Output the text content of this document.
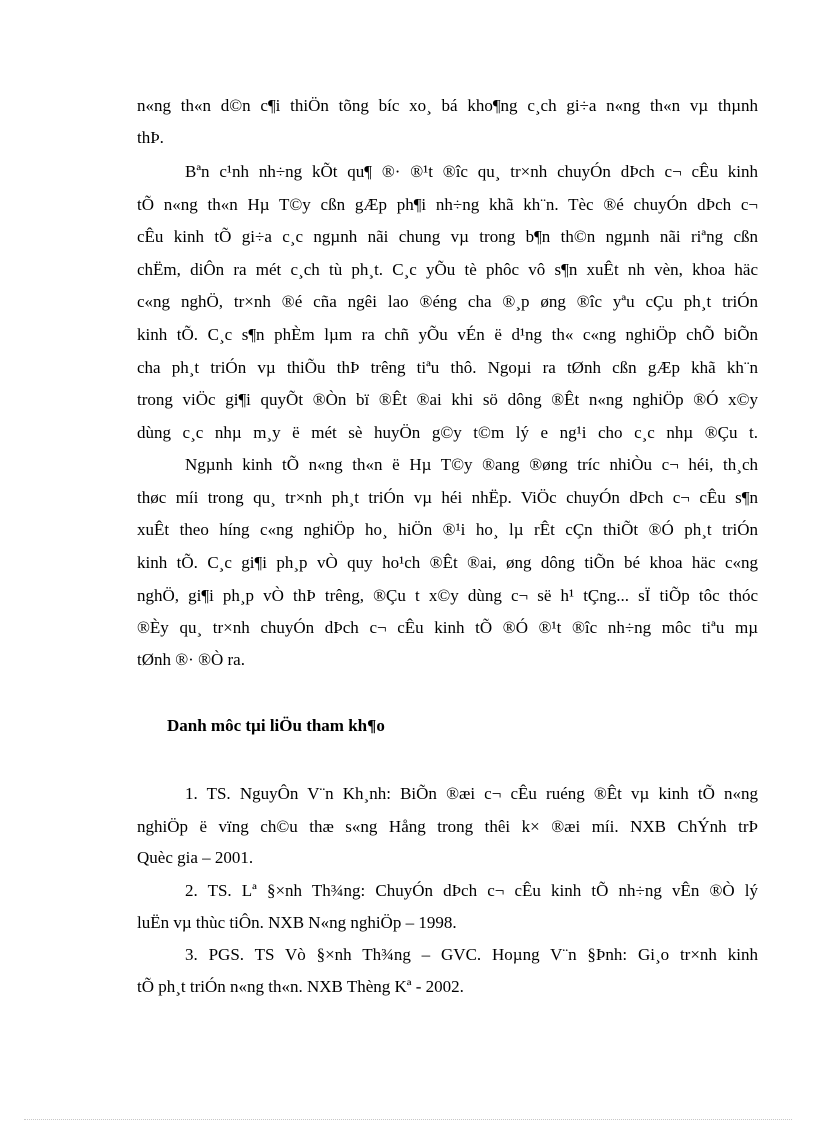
n«ng th«n d©n c¶i thiÖn tõng bíc xo¸ bá kho¶ng c¸ch gi÷a n«ng th«n vµ thµnh
thÞ.
Bªn c¹nh nh÷ng kÕt qu¶ ®· ®¹t ®îc qu¸ tr×nh chuyÓn dÞch c¬ cÊu kinh
tÕ n«ng th«n Hµ T©y cßn gÆp ph¶i nh÷ng khã kh¨n. Tèc ®é chuyÓn dÞch c¬
cÊu kinh tÕ gi÷a c¸c ngµnh nãi chung vµ trong b¶n th©n ngµnh nãi riªng cßn
chËm, diÔn ra mét c¸ch tù ph¸t. C¸c yÕu tè phôc vô s¶n xuÊt nh vèn, khoa häc
c«ng nghÖ, tr×nh ®é cña ngêi lao ®éng cha ®¸p øng ®îc yªu cÇu ph¸t triÓn
kinh tÕ. C¸c s¶n phÈm lµm ra chñ yÕu vÉn ë d¹ng th« c«ng nghiÖp chÕ biÕn
cha ph¸t triÓn vµ thiÕu thÞ trêng tiªu thô. Ngoµi ra tØnh cßn gÆp khã kh¨n
trong viÖc gi¶i quyÕt ®Òn bï ®Êt ®ai khi sö dông ®Êt n«ng nghiÖp ®Ó x©y
dùng c¸c nhµ m¸y ë mét sè huyÖn g©y t©m lý e ng¹i cho c¸c nhµ ®Çu t.
Ngµnh kinh tÕ n«ng th«n ë Hµ T©y ®ang ®øng tríc nhiÒu c¬ héi, th¸ch
thøc míi trong qu¸ tr×nh ph¸t triÓn vµ héi nhËp. ViÖc chuyÓn dÞch c¬ cÊu s¶n
xuÊt theo híng c«ng nghiÖp ho¸ hiÖn ®¹i ho¸ lµ rÊt cÇn thiÕt ®Ó ph¸t triÓn
kinh tÕ. C¸c gi¶i ph¸p vÒ quy ho¹ch ®Êt ®ai, øng dông tiÕn bé khoa häc c«ng
nghÖ, gi¶i ph¸p vÒ thÞ trêng, ®Çu t x©y dùng c¬ së h¹ tÇng... sÏ tiÕp tôc thóc
®Èy qu¸ tr×nh chuyÓn dÞch c¬ cÊu kinh tÕ ®Ó ®¹t ®îc nh÷ng môc tiªu mµ
tØnh ®· ®Ò ra.
Danh môc tµi liÖu tham kh¶o
1. TS. NguyÔn V¨n Kh¸nh: BiÕn ®æi c¬ cÊu ruéng ®Êt vµ kinh tÕ n«ng
nghiÖp ë vïng ch©u thæ s«ng Hång trong thêi k× ®æi míi. NXB ChÝnh trÞ
Quèc gia – 2001.
2. TS. Lª §×nh Th¾ng: ChuyÓn dÞch c¬ cÊu kinh tÕ nh÷ng vÊn ®Ò lý
luËn vµ thùc tiÔn. NXB N«ng nghiÖp – 1998.
3. PGS. TS Vò §×nh Th¾ng – GVC. Hoµng V¨n §Þnh: Gi¸o tr×nh kinh
tÕ ph¸t triÓn n«ng th«n. NXB Thèng Kª - 2002.
